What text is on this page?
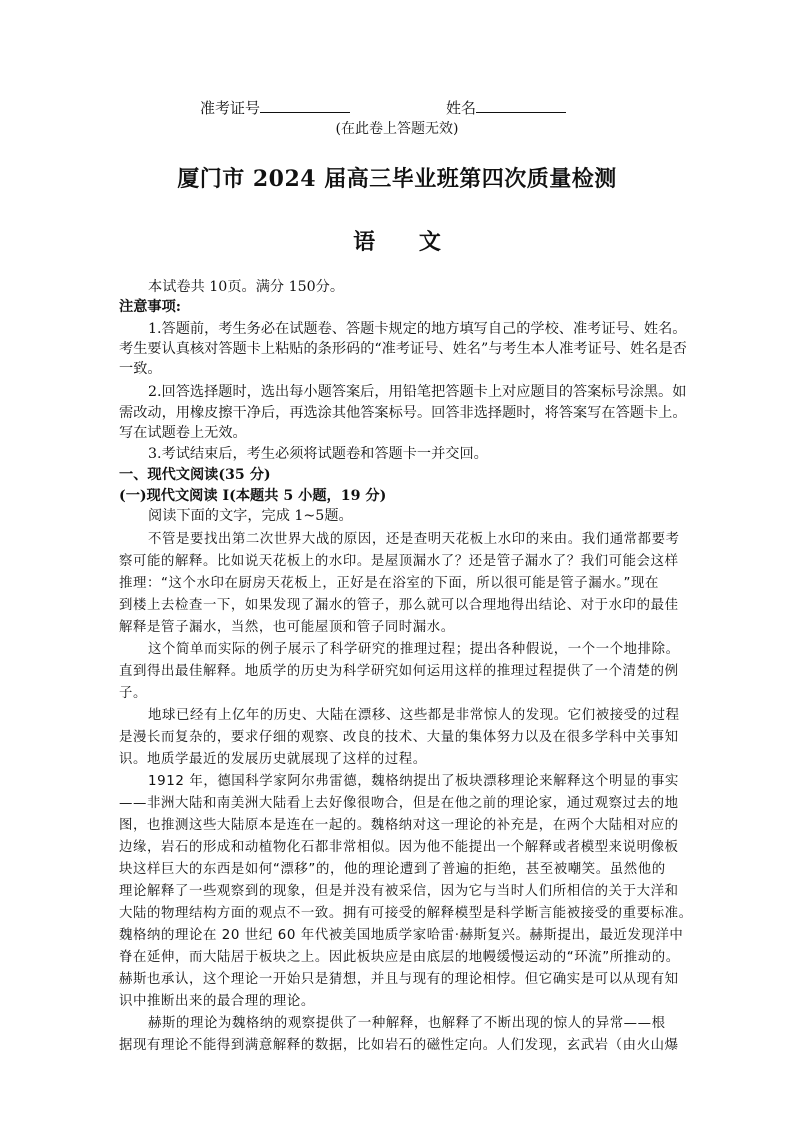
准考证号	姓名
(在此卷上答题无效)
厦门市 2024 届高三毕业班第四次质量检测
语 文
本试卷共 10页。满分 150分。
注意事项:
1.答题前，考生务必在试题卷、答题卡规定的地方填写自己的学校、准考证号、姓名。
考生要认真核对答题卡上粘贴的条形码的“准考证号、姓名”与考生本人准考证号、姓名是否
一致。
2.回答选择题时，选出每小题答案后，用铅笔把答题卡上对应题目的答案标号涂黑。如
需改动，用橡皮擦干净后，再选涂其他答案标号。回答非选择题时，将答案写在答题卡上。
写在试题卷上无效。
3.考试结束后，考生必须将试题卷和答题卡一并交回。
一、现代文阅读(35 分)
(一)现代文阅读 I(本题共 5 小题，19 分)
阅读下面的文字，完成 1~5题。
不管是要找出第二次世界大战的原因，还是查明天花板上水印的来由。我们通常都要考
察可能的解释。比如说天花板上的水印。是屋顶漏水了？还是管子漏水了？我们可能会这样
推理：“这个水印在厨房天花板上，正好是在浴室的下面，所以很可能是管子漏水。”现在
到楼上去检查一下，如果发现了漏水的管子，那么就可以合理地得出结论、对于水印的最佳
解释是管子漏水，当然，也可能屋顶和管子同时漏水。
这个简单而实际的例子展示了科学研究的推理过程；提出各种假说，一个一个地排除。
直到得出最佳解释。地质学的历史为科学研究如何运用这样的推理过程提供了一个清楚的例
子。
地球已经有上亿年的历史、大陆在漂移、这些都是非常惊人的发现。它们被接受的过程
是漫长而复杂的，要求仔细的观察、改良的技术、大量的集体努力以及在很多学科中关事知
识。地质学最近的发展历史就展现了这样的过程。
1912 年，德国科学家阿尔弗雷德，魏格纳提出了板块漂移理论来解释这个明显的事实
——非洲大陆和南美洲大陆看上去好像很吻合，但是在他之前的理论家，通过观察过去的地
图，也推测这些大陆原本是连在一起的。魏格纳对这一理论的补充是，在两个大陆相对应的
边缘，岩石的形成和动植物化石都非常相似。因为他不能提出一个解释或者模型来说明像板
块这样巨大的东西是如何“漂移”的，他的理论遭到了普遍的拒绝，甚至被嘲笑。虽然他的
理论解释了一些观察到的现象，但是并没有被采信，因为它与当时人们所相信的关于大洋和
大陆的物理结构方面的观点不一致。拥有可接受的解释模型是科学断言能被接受的重要标准。
魏格纳的理论在 20 世纪 60 年代被美国地质学家哈雷·赫斯复兴。赫斯提出，最近发现洋中
脊在延伸，而大陆居于板块之上。因此板块应是由底层的地幔缓慢运动的“环流”所推动的。
赫斯也承认，这个理论一开始只是猜想，并且与现有的理论相悖。但它确实是可以从现有知
识中推断出来的最合理的理论。
赫斯的理论为魏格纳的观察提供了一种解释，也解释了不断出现的惊人的异常——根
据现有理论不能得到满意解释的数据，比如岩石的磁性定向。人们发现，玄武岩（由火山爆
